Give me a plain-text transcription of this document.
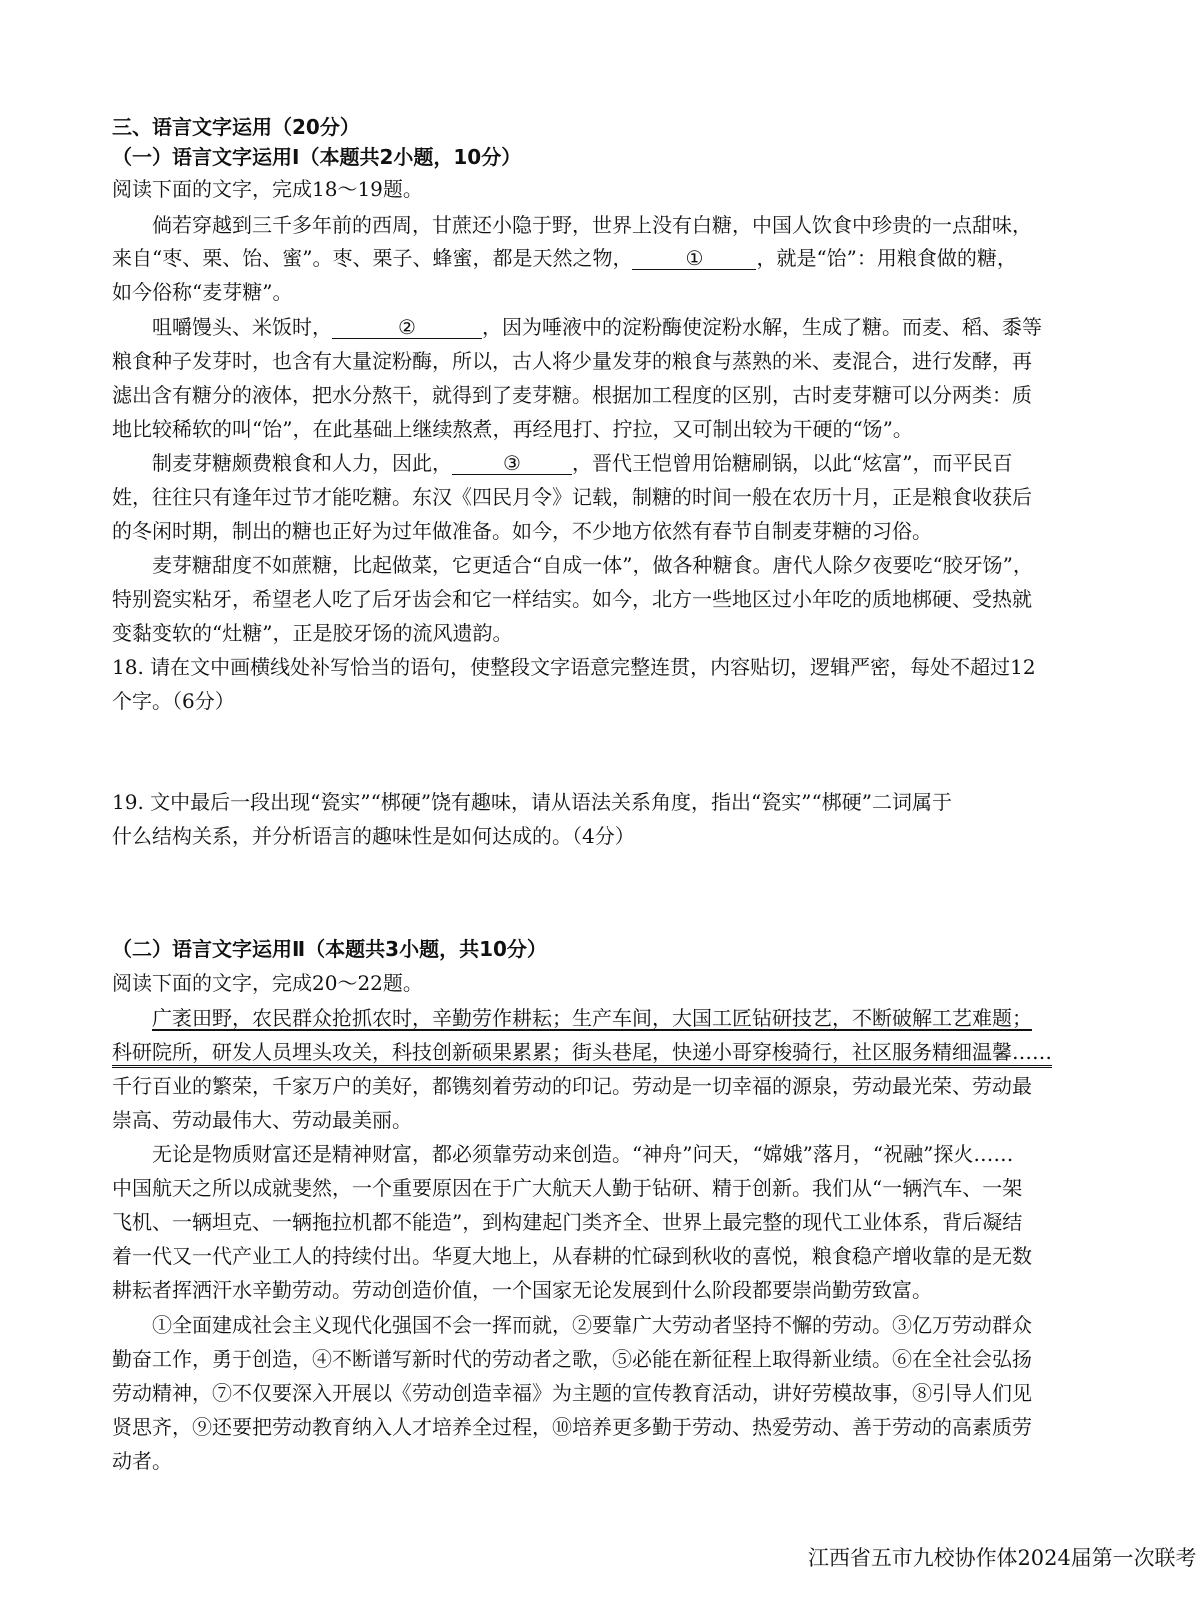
三、语言文字运用（20分）
（一）语言文字运用Ⅰ（本题共2小题，10分）
阅读下面的文字，完成18～19题。
倘若穿越到三千多年前的西周，甘蔗还小隐于野，世界上没有白糖，中国人饮食中珍贵的一点甜味，
来自“枣、栗、饴、蜜”。枣、栗子、蜂蜜，都是天然之物，	①	，就是“饴”：用粮食做的糖，
如今俗称“麦芽糖”。
咀嚼馒头、米饭时，	②	，因为唾液中的淀粉酶使淀粉水解，生成了糖。而麦、稻、黍等
粮食种子发芽时，也含有大量淀粉酶，所以，古人将少量发芽的粮食与蒸熟的米、麦混合，进行发酵，再
滤出含有糖分的液体，把水分熬干，就得到了麦芽糖。根据加工程度的区别，古时麦芽糖可以分两类：质
地比较稀软的叫“饴”，在此基础上继续熬煮，再经甩打、拧拉，又可制出较为干硬的“饧”。
制麦芽糖颇费粮食和人力，因此，	③	，晋代王恺曾用饴糖刷锅，以此“炫富”，而平民百
姓，往往只有逢年过节才能吃糖。东汉《四民月令》记载，制糖的时间一般在农历十月，正是粮食收获后
的冬闲时期，制出的糖也正好为过年做准备。如今，不少地方依然有春节自制麦芽糖的习俗。
麦芽糖甜度不如蔗糖，比起做菜，它更适合“自成一体”，做各种糖食。唐代人除夕夜要吃“胶牙饧”，
特别瓷实粘牙，希望老人吃了后牙齿会和它一样结实。如今，北方一些地区过小年吃的质地梆硬、受热就
变黏变软的“灶糖”，正是胶牙饧的流风遗韵。
18. 请在文中画横线处补写恰当的语句，使整段文字语意完整连贯，内容贴切，逻辑严密，每处不超过12
个字。（6分）
19. 文中最后一段出现“瓷实”“梆硬”饶有趣味，请从语法关系角度，指出“瓷实”“梆硬”二词属于
什么结构关系，并分析语言的趣味性是如何达成的。（4分）
（二）语言文字运用Ⅱ（本题共3小题，共10分）
阅读下面的文字，完成20～22题。
广袤田野，农民群众抢抓农时，辛勤劳作耕耘；生产车间，大国工匠钻研技艺，不断破解工艺难题；
科研院所，研发人员埋头攻关，科技创新硕果累累；街头巷尾，快递小哥穿梭骑行，社区服务精细温馨……
千行百业的繁荣，千家万户的美好，都镌刻着劳动的印记。劳动是一切幸福的源泉，劳动最光荣、劳动最
崇高、劳动最伟大、劳动最美丽。
无论是物质财富还是精神财富，都必须靠劳动来创造。“神舟”问天，“嫦娥”落月，“祝融”探火……
中国航天之所以成就斐然，一个重要原因在于广大航天人勤于钻研、精于创新。我们从“一辆汽车、一架
飞机、一辆坦克、一辆拖拉机都不能造”，到构建起门类齐全、世界上最完整的现代工业体系，背后凝结
着一代又一代产业工人的持续付出。华夏大地上，从春耕的忙碌到秋收的喜悦，粮食稳产增收靠的是无数
耕耘者挥洒汗水辛勤劳动。劳动创造价值，一个国家无论发展到什么阶段都要崇尚勤劳致富。
①全面建成社会主义现代化强国不会一挥而就，②要靠广大劳动者坚持不懈的劳动。③亿万劳动群众
勤奋工作，勇于创造，④不断谱写新时代的劳动者之歌，⑤必能在新征程上取得新业绩。⑥在全社会弘扬
劳动精神，⑦不仅要深入开展以《劳动创造幸福》为主题的宣传教育活动，讲好劳模故事，⑧引导人们见
贤思齐，⑨还要把劳动教育纳入人才培养全过程，⑩培养更多勤于劳动、热爱劳动、善于劳动的高素质劳
动者。
江西省五市九校协作体2024届第一次联考
